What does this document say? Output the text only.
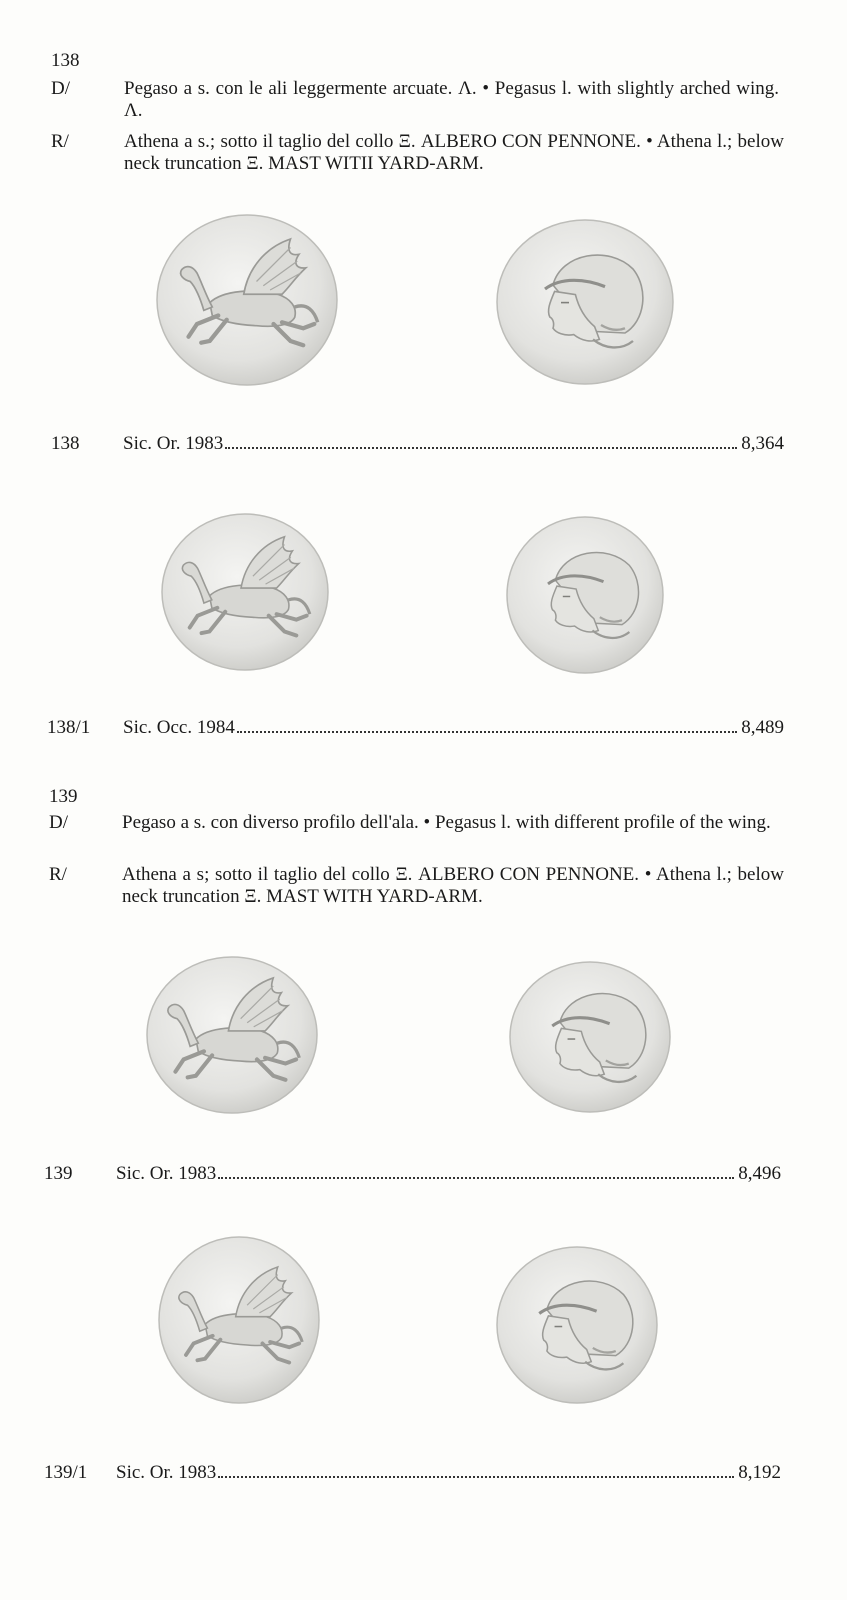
138
D/	Pegaso a s. con le ali leggermente arcuate. Λ. • Pegasus l. with slightly arched wing. Λ.
R/	Athena a s.; sotto il taglio del collo Ξ. ALBERO CON PENNONE. • Athena l.; below neck truncation Ξ. MAST WITII YARD-ARM.
138	Sic. Or. 1983	8,364
138/1	Sic. Occ. 1984	8,489
139
D/	Pegaso a s. con diverso profilo dell'ala. • Pegasus l. with different profile of the wing.
R/	Athena a s; sotto il taglio del collo Ξ. ALBERO CON PENNONE. • Athena l.; below neck truncation Ξ. MAST WITH YARD-ARM.
139	Sic. Or. 1983	8,496
139/1	Sic. Or. 1983	8,192
